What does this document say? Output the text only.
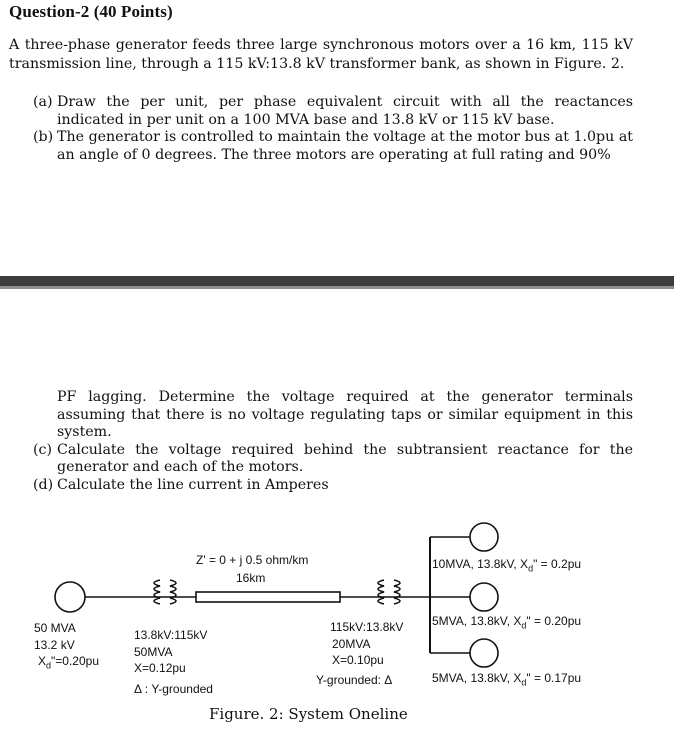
Question-2 (40 Points)
A three-phase generator feeds three large synchronous motors over a 16 km, 115 kV transmission line, through a 115 kV:13.8 kV transformer bank, as shown in Figure. 2.
(a) Draw the per unit, per phase equivalent circuit with all the reactances indicated in per unit on a 100 MVA base and 13.8 kV or 115 kV base.
(b) The generator is controlled to maintain the voltage at the motor bus at 1.0pu at an angle of 0 degrees. The three motors are operating at full rating and 90%
PF lagging. Determine the voltage required at the generator terminals assuming that there is no voltage regulating taps or similar equipment in this system.
(c) Calculate the voltage required behind the subtransient reactance for the generator and each of the motors.
(d) Calculate the line current in Amperes
Z' = 0 + j 0.5 ohm/km
16km
50 MVA
13.2 kV
$X_d"=0.20pu$
13.8kV:115kV
50MVA
X=0.12pu
Δ : Y-grounded
115kV:13.8kV
20MVA
X=0.10pu
Y-grounded: Δ
10MVA, 13.8kV, $X_d$" = 0.2pu
5MVA, 13.8kV, $X_d$" = 0.20pu
5MVA, 13.8kV, $X_d$" = 0.17pu
Figure. 2: System Oneline
